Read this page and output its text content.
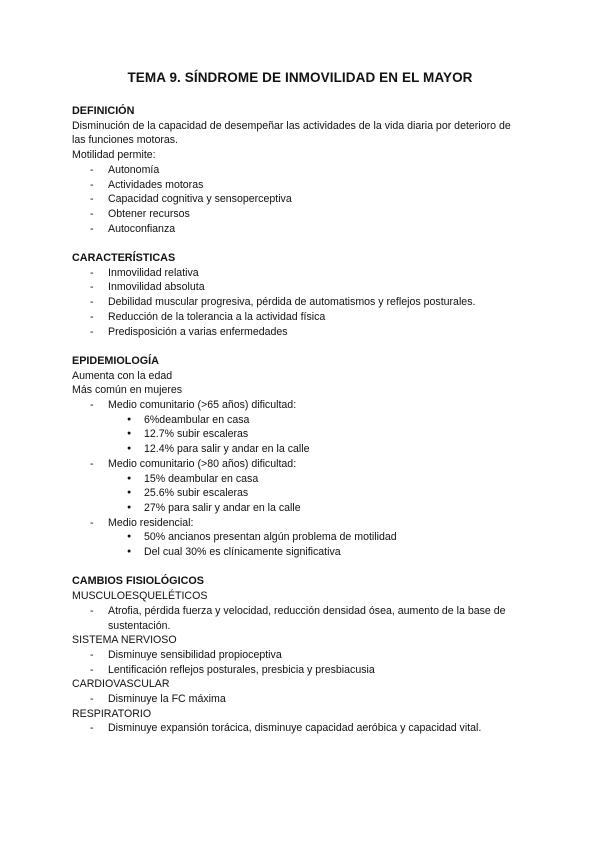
TEMA 9. SÍNDROME DE INMOVILIDAD EN EL MAYOR

DEFINICIÓN

Disminución de la capacidad de desempeñar las actividades de la vida diaria por deterioro de las funciones motoras.

Motilidad permite:

- Autonomía
- Actividades motoras
- Capacidad cognitiva y sensoperceptiva
- Obtener recursos
- Autoconfianza

CARACTERÍSTICAS

- Inmovilidad relativa
- Inmovilidad absoluta
- Debilidad muscular progresiva, pérdida de automatismos y reflejos posturales.
- Reducción de la tolerancia a la actividad física
- Predisposición a varias enfermedades

EPIDEMIOLOGÍA

Aumenta con la edad

Más común en mujeres

- Medio comunitario (>65 años) dificultad:
● 6%deambular en casa
● 12.7% subir escaleras
● 12.4% para salir y andar en la calle
- Medio comunitario (>80 años) dificultad:
● 15% deambular en casa
● 25.6% subir escaleras
● 27% para salir y andar en la calle
- Medio residencial:
● 50% ancianos presentan algún problema de motilidad
● Del cual 30% es clínicamente significativa

CAMBIOS FISIOLÓGICOS

MUSCULOESQUELÉTICOS

- Atrofia, pérdida fuerza y velocidad, reducción densidad ósea, aumento de la base de sustentación.

SISTEMA NERVIOSO

- Disminuye sensibilidad propioceptiva
- Lentificación reflejos posturales, presbicia y presbiacusia

CARDIOVASCULAR

- Disminuye la FC máxima

RESPIRATORIO

- Disminuye expansión torácica, disminuye capacidad aeróbica y capacidad vital.
